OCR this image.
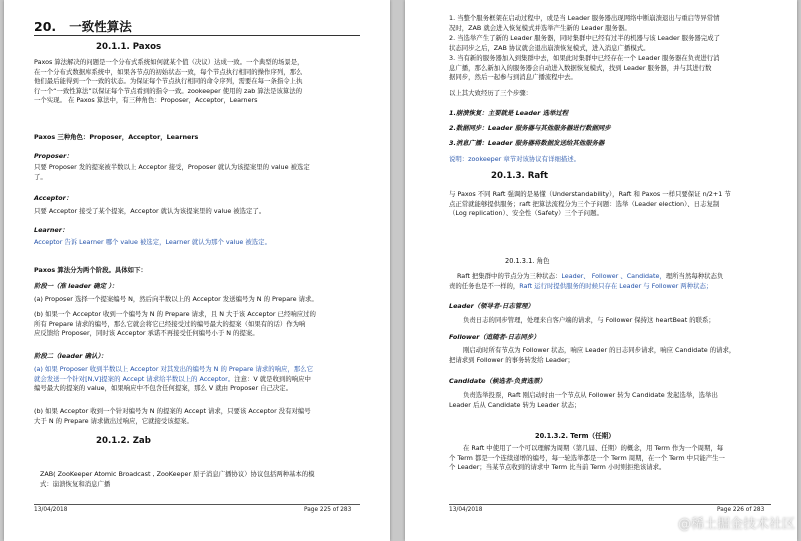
20. 一致性算法
20.1.1. Paxos
Paxos 算法解决的问题是一个分布式系统如何就某个值（决议）达成一致。一个典型的场景是，
在一个分布式数据库系统中，如果各节点的初始状态一致，每个节点执行相同的操作序列，那么
他们最后能得到一个一致的状态。为保证每个节点执行相同的命令序列，需要在每一条指令上执
行一个“一致性算法”以保证每个节点看到的指令一致。zookeeper 使用的 zab 算法是该算法的
一个实现。 在 Paxos 算法中，有三种角色：Proposer，Acceptor，Learners
Paxos 三种角色：Proposer，Acceptor，Learners
Proposer：
只要 Proposer 发的提案被半数以上 Acceptor 接受，Proposer 就认为该提案里的 value 被选定
了。
Acceptor：
只要 Acceptor 接受了某个提案，Acceptor 就认为该提案里的 value 被选定了。
Learner：
Acceptor 告诉 Learner 哪个 value 被选定，Learner 就认为那个 value 被选定。
Paxos 算法分为两个阶段。具体如下：
阶段一（准 leader 确定 ）：
(a) Proposer 选择一个提案编号 N，然后向半数以上的 Acceptor 发送编号为 N 的 Prepare 请求。
(b) 如果一个 Acceptor 收到一个编号为 N 的 Prepare 请求，且 N 大于该 Acceptor 已经响应过的
所有 Prepare 请求的编号，那么它就会将它已经接受过的编号最大的提案（如果有的话）作为响
应反馈给 Proposer，同时该 Acceptor 承诺不再接受任何编号小于 N 的提案。
阶段二（leader 确认）：
(a) 如果 Proposer 收到半数以上 Acceptor 对其发出的编号为 N 的 Prepare 请求的响应，那么它
就会发送一个针对[N,V]提案的 Accept 请求给半数以上的 Acceptor。注意：V 就是收到的响应中
编号最大的提案的 value，如果响应中不包含任何提案，那么 V 就由 Proposer 自己决定。
(b) 如果 Acceptor 收到一个针对编号为 N 的提案的 Accept 请求，只要该 Acceptor 没有对编号
大于 N 的 Prepare 请求做出过响应，它就接受该提案。
20.1.2. Zab
ZAB( ZooKeeper Atomic Broadcast , ZooKeeper 原子消息广播协议）协议包括两种基本的模
式：崩溃恢复和消息广播
13/04/2018	Page 225 of 283
1. 当整个服务框架在启动过程中，或是当 Leader 服务器出现网络中断崩溃退出与重启等异常情
况时，ZAB 就会进入恢复模式并选举产生新的 Leader 服务器。
2. 当选举产生了新的 Leader 服务器，同时集群中已经有过半的机器与该 Leader 服务器完成了
状态同步之后，ZAB 协议就会退出崩溃恢复模式，进入消息广播模式。
3. 当有新的服务器加入到集群中去，如果此时集群中已经存在一个 Leader 服务器在负责进行消
息广播，那么新加入的服务器会自动进入数据恢复模式，找到 Leader 服务器，并与其进行数
据同步，然后一起参与到消息广播流程中去。
以上其大致经历了三个步骤：
1.崩溃恢复：主要就是 Leader 选举过程
2.数据同步：Leader 服务器与其他服务器进行数据同步
3.消息广播：Leader 服务器将数据发送给其他服务器
说明：zookeeper 章节对该协议有详细描述。
20.1.3. Raft
与 Paxos 不同 Raft 强调的是易懂（Understandability），Raft 和 Paxos 一样只要保证 n/2+1 节
点正常就能够提供服务；raft 把算法流程分为三个子问题：选举（Leader election）、日志复制
（Log replication）、安全性（Safety）三个子问题。
20.1.3.1. 角色
Raft 把集群中的节点分为三种状态：Leader、 Follower 、Candidate，理所当然每种状态负
责的任务也是不一样的，Raft 运行时提供服务的时候只存在 Leader 与 Follower 两种状态；
Leader（领导者-日志管理）
负责日志的同步管理，处理来自客户端的请求，与 Follower 保持这 heartBeat 的联系；
Follower（追随者-日志同步）
刚启动时所有节点为 Follower 状态，响应 Leader 的日志同步请求，响应 Candidate 的请求，
把请求到 Follower 的事务转发给 Leader；
Candidate（候选者-负责选票）
负责选举投票，Raft 刚启动时由一个节点从 Follower 转为 Candidate 发起选举，选举出
Leader 后从 Candidate 转为 Leader 状态；
20.1.3.2. Term（任期）
在 Raft 中使用了一个可以理解为周期（第几届、任期）的概念，用 Term 作为一个周期，每
个 Term 都是一个连续递增的编号，每一轮选举都是一个 Term 周期，在一个 Term 中只能产生一
个 Leader；当某节点收到的请求中 Term 比当前 Term 小时则拒绝该请求。
13/04/2018	Page 226 of 283
@稀土掘金技术社区
